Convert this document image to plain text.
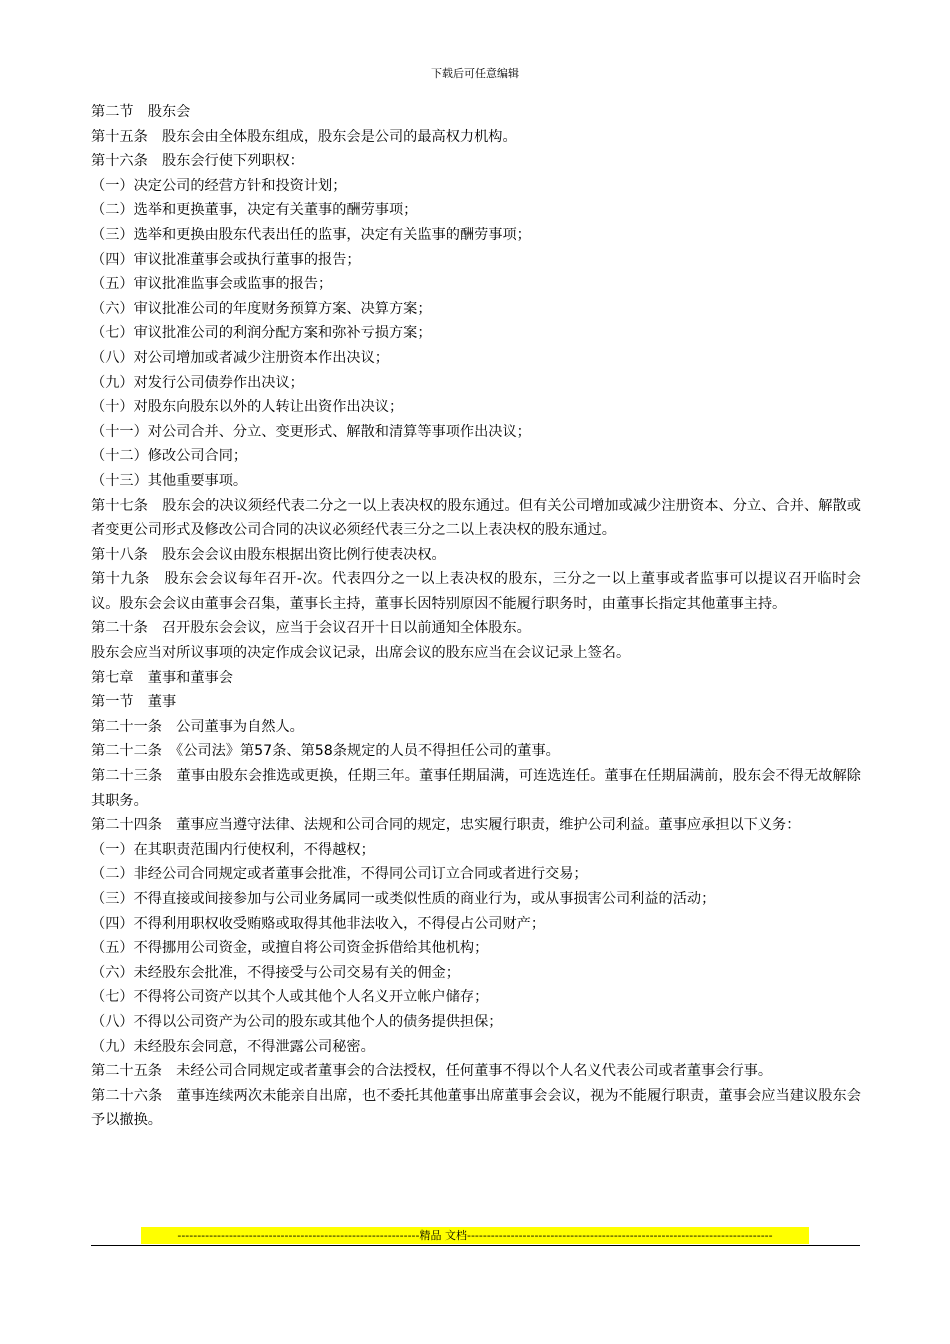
下载后可任意编辑

第二节　股东会

第十五条　股东会由全体股东组成，股东会是公司的最高权力机构。

第十六条　股东会行使下列职权：

（一）决定公司的经营方针和投资计划；

（二）选举和更换董事，决定有关董事的酬劳事项；

（三）选举和更换由股东代表出任的监事，决定有关监事的酬劳事项；

（四）审议批准董事会或执行董事的报告；

（五）审议批准监事会或监事的报告；

（六）审议批准公司的年度财务预算方案、决算方案；

（七）审议批准公司的利润分配方案和弥补亏损方案；

（八）对公司增加或者减少注册资本作出决议；

（九）对发行公司债券作出决议；

（十）对股东向股东以外的人转让出资作出决议；

（十一）对公司合并、分立、变更形式、解散和清算等事项作出决议；

（十二）修改公司合同；

（十三）其他重要事项。

第十七条　股东会的决议须经代表二分之一以上表决权的股东通过。但有关公司增加或减少注册资本、分立、合并、解散或者变更公司形式及修改公司合同的决议必须经代表三分之二以上表决权的股东通过。

第十八条　股东会会议由股东根据出资比例行使表决权。

第十九条　股东会会议每年召开-次。代表四分之一以上表决权的股东，三分之一以上董事或者监事可以提议召开临时会议。股东会会议由董事会召集，董事长主持，董事长因特别原因不能履行职务时，由董事长指定其他董事主持。

第二十条　召开股东会会议，应当于会议召开十日以前通知全体股东。

股东会应当对所议事项的决定作成会议记录，出席会议的股东应当在会议记录上签名。

第七章　董事和董事会

第一节　董事

第二十一条　公司董事为自然人。

第二十二条　《公司法》第57条、第58条规定的人员不得担任公司的董事。

第二十三条　董事由股东会推选或更换，任期三年。董事任期届满，可连选连任。董事在任期届满前，股东会不得无故解除其职务。

第二十四条　董事应当遵守法律、法规和公司合同的规定，忠实履行职责，维护公司利益。董事应承担以下义务：

（一）在其职责范围内行使权利，不得越权；

（二）非经公司合同规定或者董事会批准，不得同公司订立合同或者进行交易；

（三）不得直接或间接参加与公司业务属同一或类似性质的商业行为，或从事损害公司利益的活动；

（四）不得利用职权收受贿赂或取得其他非法收入，不得侵占公司财产；

（五）不得挪用公司资金，或擅自将公司资金拆借给其他机构；

（六）未经股东会批准，不得接受与公司交易有关的佣金；

（七）不得将公司资产以其个人或其他个人名义开立帐户储存；

（八）不得以公司资产为公司的股东或其他个人的债务提供担保；

（九）未经股东会同意，不得泄露公司秘密。

第二十五条　未经公司合同规定或者董事会的合法授权，任何董事不得以个人名义代表公司或者董事会行事。

第二十六条　董事连续两次未能亲自出席，也不委托其他董事出席董事会会议，视为不能履行职责，董事会应当建议股东会予以撤换。

-------------------------------------------------------------精品 文档-----------------------------------------------------------------------------
